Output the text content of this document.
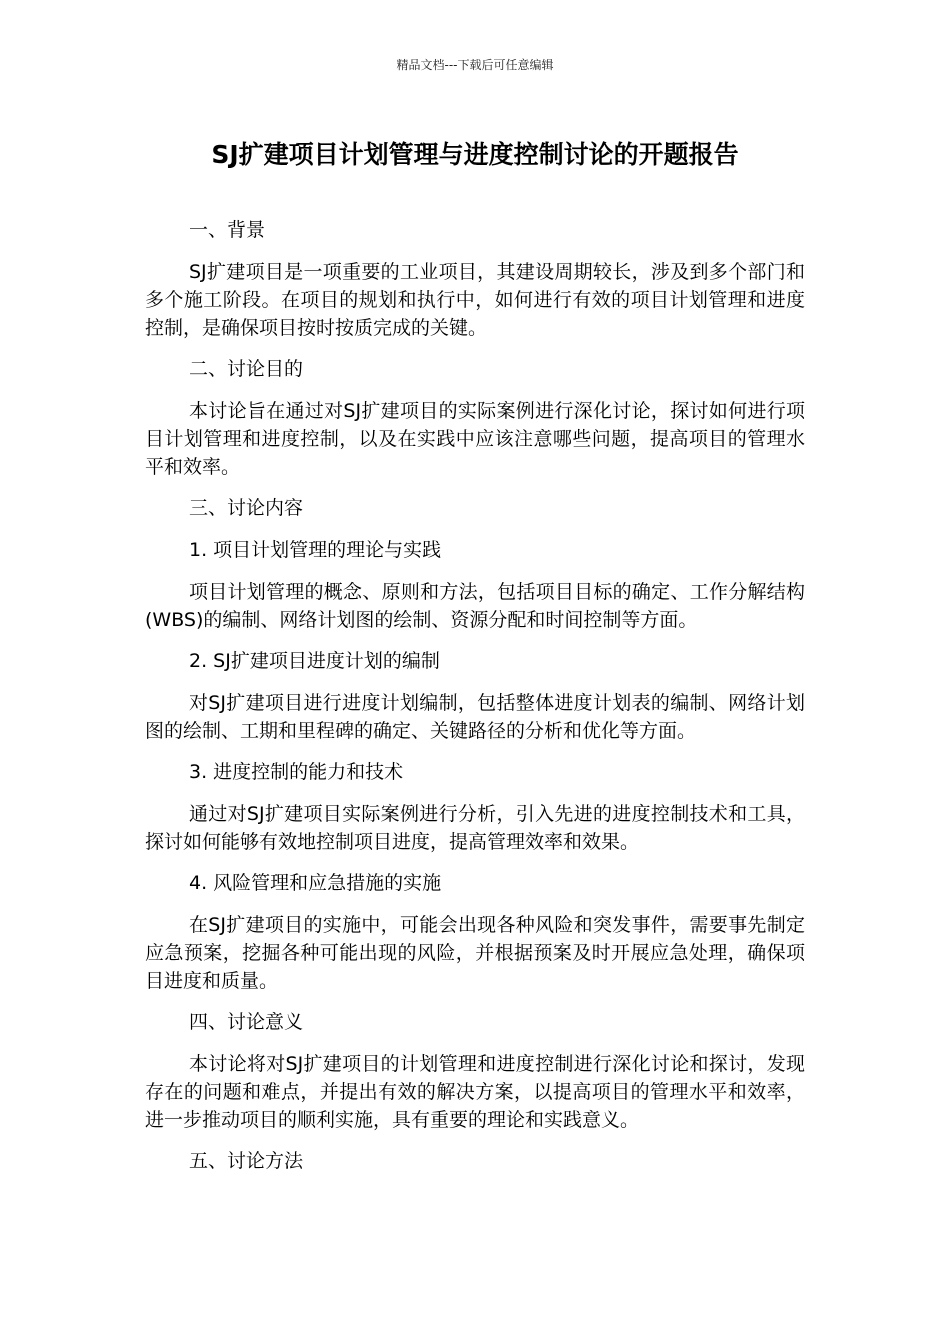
精品文档---下载后可任意编辑
SJ扩建项目计划管理与进度控制讨论的开题报告
一、背景

SJ扩建项目是一项重要的工业项目，其建设周期较长，涉及到多个部门和多个施工阶段。在项目的规划和执行中，如何进行有效的项目计划管理和进度控制，是确保项目按时按质完成的关键。

二、讨论目的

本讨论旨在通过对SJ扩建项目的实际案例进行深化讨论，探讨如何进行项目计划管理和进度控制，以及在实践中应该注意哪些问题，提高项目的管理水平和效率。

三、讨论内容
1. 项目计划管理的理论与实践

项目计划管理的概念、原则和方法，包括项目目标的确定、工作分解结构(WBS)的编制、网络计划图的绘制、资源分配和时间控制等方面。

2. SJ扩建项目进度计划的编制

对SJ扩建项目进行进度计划编制，包括整体进度计划表的编制、网络计划图的绘制、工期和里程碑的确定、关键路径的分析和优化等方面。

3. 进度控制的能力和技术

通过对SJ扩建项目实际案例进行分析，引入先进的进度控制技术和工具，探讨如何能够有效地控制项目进度，提高管理效率和效果。

4. 风险管理和应急措施的实施

在SJ扩建项目的实施中，可能会出现各种风险和突发事件，需要事先制定应急预案，挖掘各种可能出现的风险，并根据预案及时开展应急处理，确保项目进度和质量。

四、讨论意义

本讨论将对SJ扩建项目的计划管理和进度控制进行深化讨论和探讨，发现存在的问题和难点，并提出有效的解决方案，以提高项目的管理水平和效率，进一步推动项目的顺利实施，具有重要的理论和实践意义。

五、讨论方法
